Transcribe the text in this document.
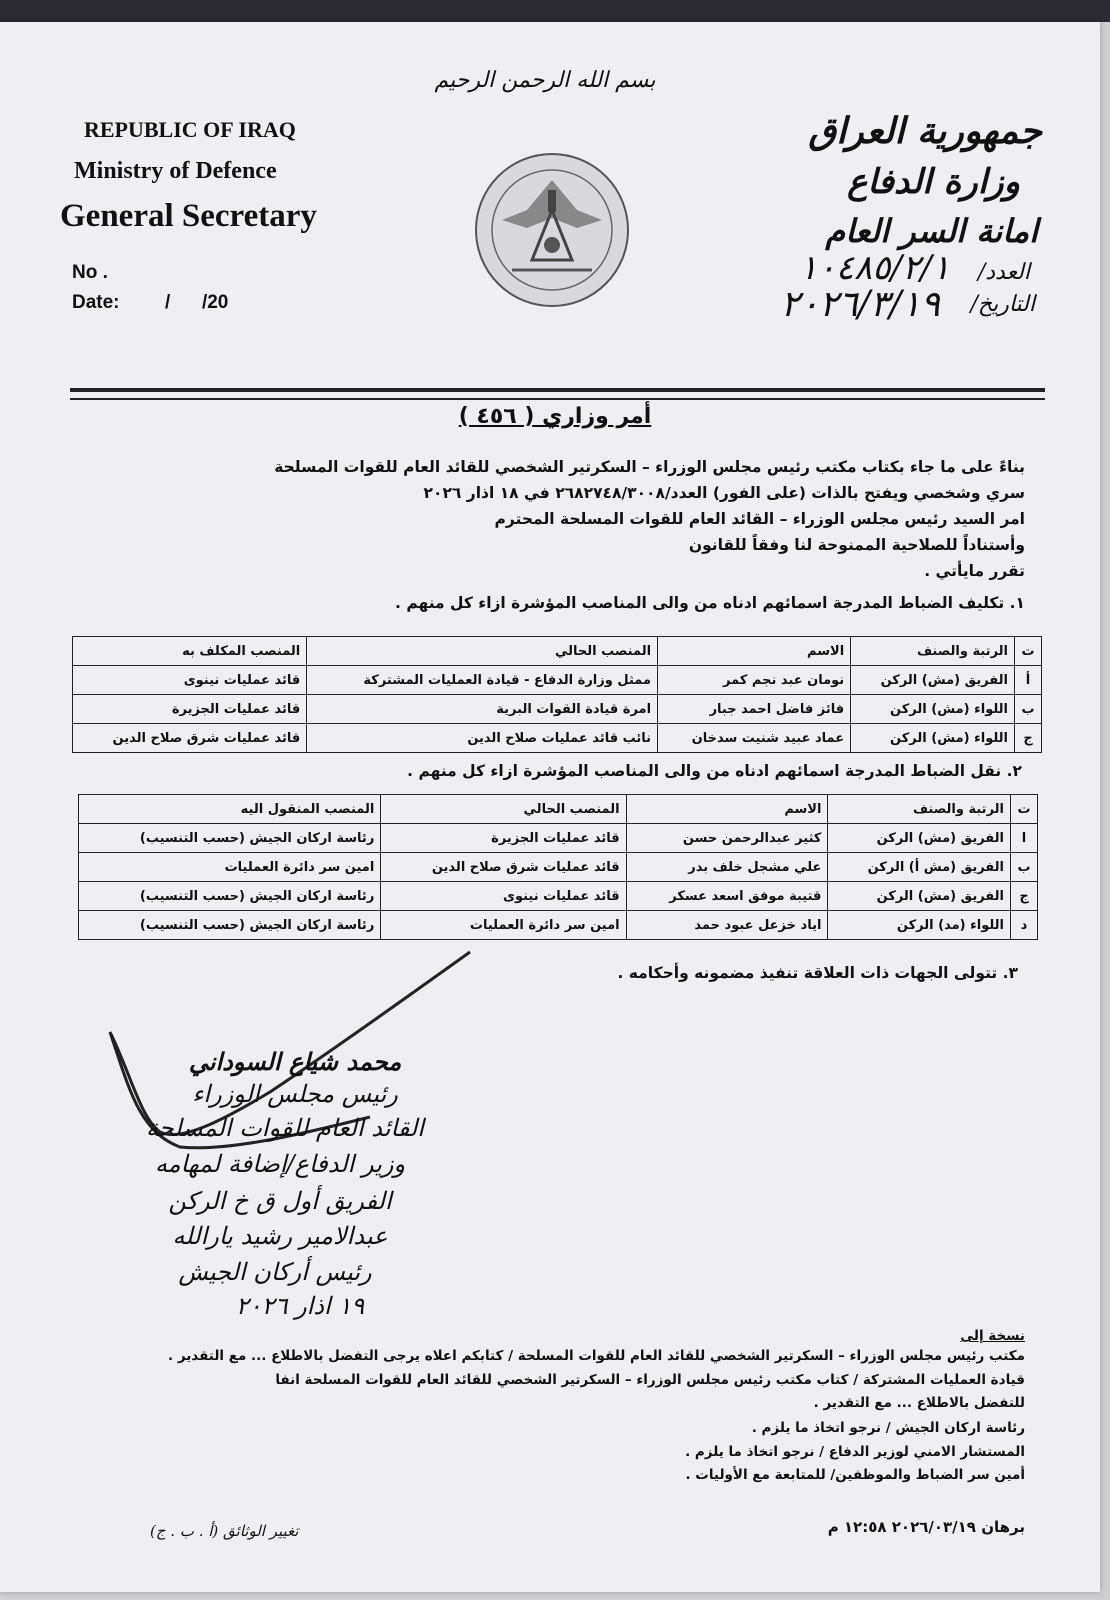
بسم الله الرحمن الرحيم
REPUBLIC OF IRAQ
Ministry of Defence
General Secretary
No .
Date: /      /20
جمهورية العراق
وزارة الدفاع
امانة السر العام
العدد/
١٠٤٨٥/٢/١
التاريخ/
٢٠٢٦/٣/١٩
أمر وزاري ( ٤٥٦ )
بناءً على ما جاء بكتاب مكتب رئيس مجلس الوزراء – السكرتير الشخصي للقائد العام للقوات المسلحة
سري وشخصي ويفتح بالذات (على الفور) العدد/٢٦٨٢٧٤٨/٣٠٠٨ في ١٨ اذار ٢٠٢٦
امر السيد رئيس مجلس الوزراء – القائد العام للقوات المسلحة المحترم
وأستناداً للصلاحية الممنوحة لنا وفقاً للقانون
تقرر مايأتي .
١. تكليف الضباط المدرجة اسمائهم ادناه من والى المناصب المؤشرة ازاء كل منهم .
ت	الرتبة والصنف	الاسم	المنصب الحالي	المنصب المكلف به
أ	الفريق (مش) الركن	نومان عبد نجم كمر	ممثل وزارة الدفاع - قيادة العمليات المشتركة	قائد عمليات نينوى
ب	اللواء (مش) الركن	فائز فاضل احمد جبار	امرة قيادة القوات البرية	قائد عمليات الجزيرة
ج	اللواء (مش) الركن	عماد عبيد شنيت سدخان	نائب قائد عمليات صلاح الدين	قائد عمليات شرق صلاح الدين
٢. نقل الضباط المدرجة اسمائهم ادناه من والى المناصب المؤشرة ازاء كل منهم .
ت	الرتبة والصنف	الاسم	المنصب الحالي	المنصب المنقول اليه
ا	الفريق (مش) الركن	كثير عبدالرحمن حسن	قائد عمليات الجزيرة	رئاسة اركان الجيش (حسب التنسيب)
ب	الفريق (مش أ) الركن	علي مشجل خلف بدر	قائد عمليات شرق صلاح الدين	امين سر دائرة العمليات
ج	الفريق (مش) الركن	قتيبة موفق اسعد عسكر	قائد عمليات نينوى	رئاسة اركان الجيش (حسب التنسيب)
د	اللواء (مد) الركن	اياد خزعل عبود حمد	امين سر دائرة العمليات	رئاسة اركان الجيش (حسب التنسيب)
٣. تتولى الجهات ذات العلاقة تنفيذ مضمونه وأحكامه .
محمد شياع السوداني
رئيس مجلس الوزراء
القائد العام للقوات المسلحة
وزير الدفاع/إضافة لمهامه
الفريق أول ق خ الركن
عبدالامير رشيد يارالله
رئيس أركان الجيش
١٩ اذار ٢٠٢٦
نسخة إلى
مكتب رئيس مجلس الوزراء – السكرتير الشخصي للقائد العام للقوات المسلحة / كتابكم اعلاه يرجى التفضل بالاطلاع ... مع التقدير .
قيادة العمليات المشتركة / كتاب مكتب رئيس مجلس الوزراء – السكرتير الشخصي للقائد العام للقوات المسلحة انفا
للتفضل بالاطلاع ... مع التقدير .
رئاسة اركان الجيش / نرجو اتخاذ ما يلزم .
المستشار الامني لوزير الدفاع / نرجو اتخاذ ما يلزم .
أمين سر الضباط والموظفين/ للمتابعة مع الأوليات .
تغيير الوثائق (أ . ب . ج)	برهان ٢٠٢٦/٠٣/١٩ ١٢:٥٨ م
